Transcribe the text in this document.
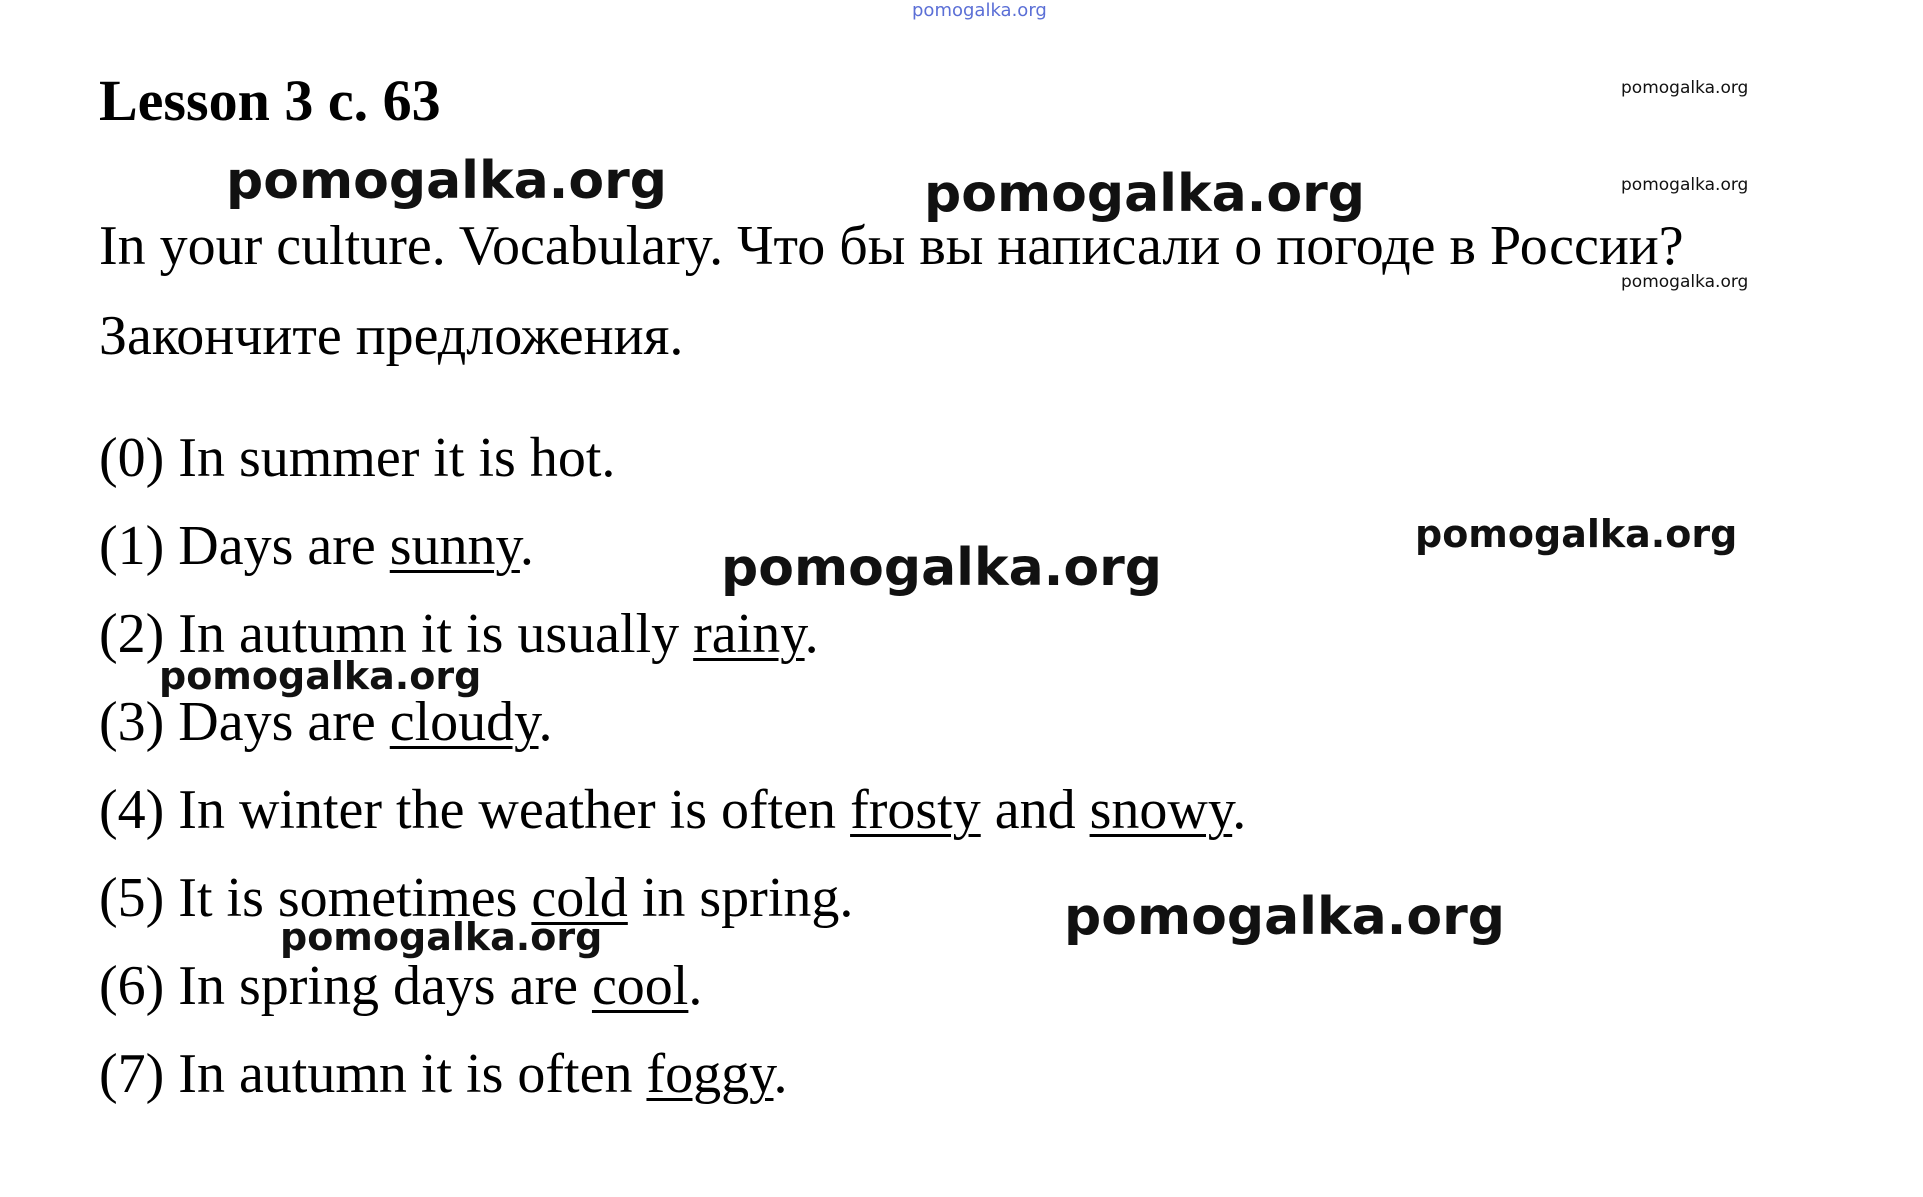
pomogalka.org
Lesson 3 с. 63	pomogalka.org
pomogalka.org
pomogalka.org
pomogalka.org	pomogalka.org
In your culture. Vocabulary. Что бы вы написали о погоде в России?
Закончите предложения.
(0) In summer it is hot.
(1) Days are sunny.
(2) In autumn it is usually rainy.
(3) Days are cloudy.
(4) In winter the weather is often frosty and snowy.
(5) It is sometimes cold in spring.
(6) In spring days are cool.
(7) In autumn it is often foggy.
pomogalka.org
pomogalka.org
pomogalka.org
pomogalka.org
pomogalka.org
